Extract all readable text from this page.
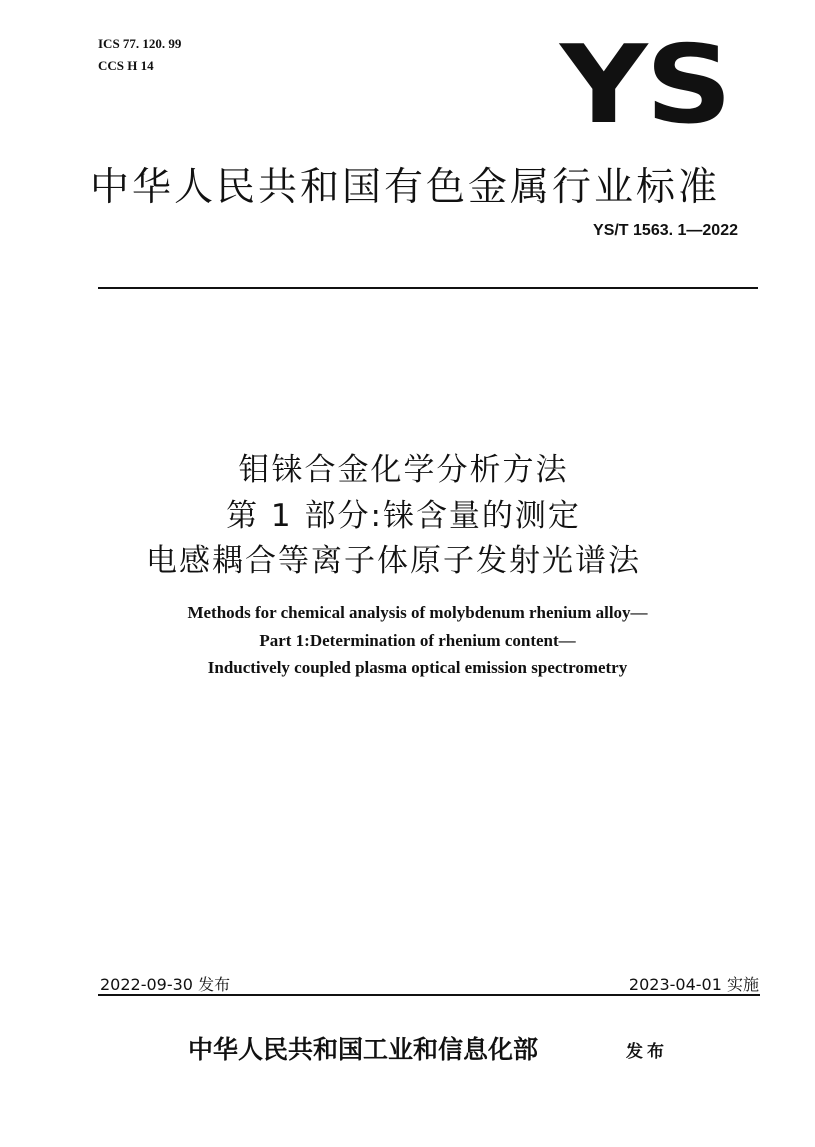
ICS 77. 120. 99
CCS H 14	YS
中华人民共和国有色金属行业标准
YS/T 1563. 1—2022
钼铼合金化学分析方法
第 1 部分:铼含量的测定
电感耦合等离子体原子发射光谱法
Methods for chemical analysis of molybdenum rhenium alloy—
Part 1:Determination of rhenium content—
Inductively coupled plasma optical emission spectrometry
2022-09-30 发布	2023-04-01 实施
中华人民共和国工业和信息化部	发布
